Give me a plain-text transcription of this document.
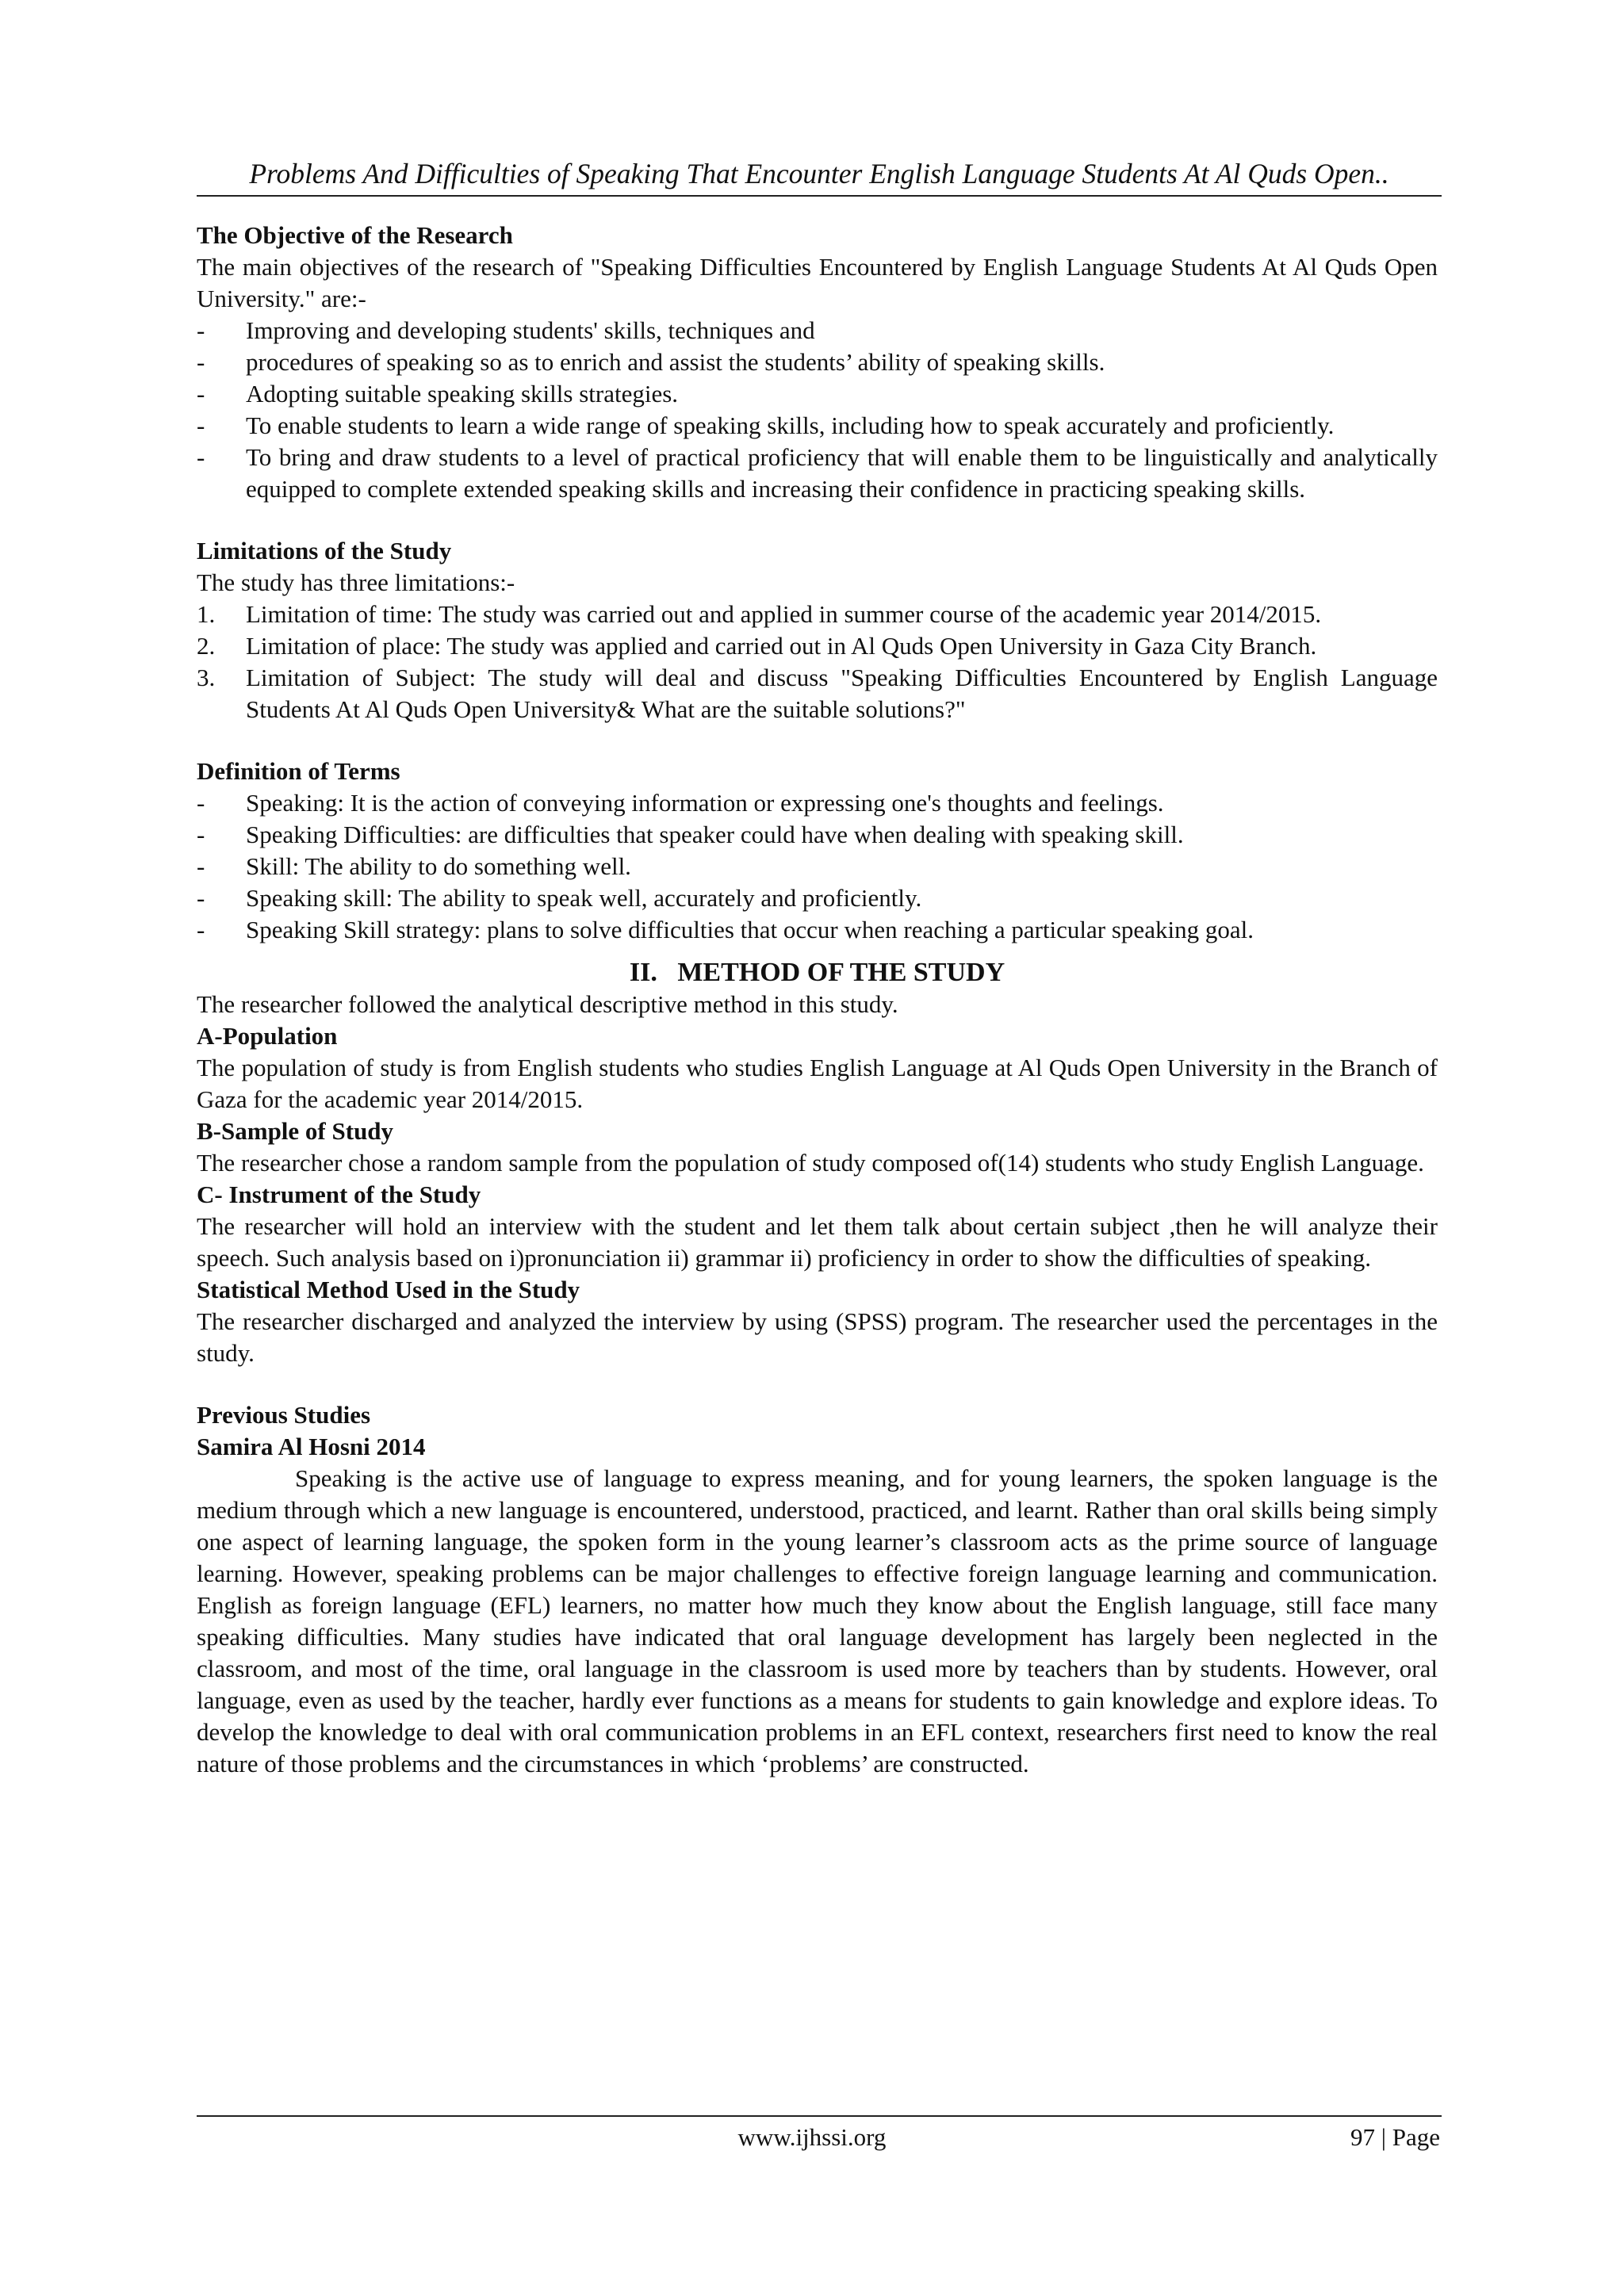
Problems And Difficulties of Speaking That Encounter English Language Students At Al Quds Open..

The Objective of the Research

The main objectives of the research of "Speaking Difficulties Encountered by English Language Students At Al Quds Open University." are:-

- Improving and developing students' skills, techniques and
- procedures of speaking so as to enrich and assist the students’ ability of speaking skills.
- Adopting suitable speaking skills strategies.
- To enable students to learn a wide range of speaking skills, including how to speak accurately and proficiently.
- To bring and draw students to a level of practical proficiency that will enable them to be linguistically and analytically equipped to complete extended speaking skills and increasing their confidence in practicing speaking skills.

Limitations of the Study

The study has three limitations:-

1. Limitation of time: The study was carried out and applied in summer course of the academic year 2014/2015.
2. Limitation of place: The study was applied and carried out in Al Quds Open University in Gaza City Branch.
3. Limitation of Subject: The study will deal and discuss "Speaking Difficulties Encountered by English Language Students At Al Quds Open University& What are the suitable solutions?"

Definition of Terms

- Speaking: It is the action of conveying information or expressing one's thoughts and feelings.
- Speaking Difficulties: are difficulties that speaker could have when dealing with speaking skill.
- Skill: The ability to do something well.
- Speaking skill: The ability to speak well, accurately and proficiently.
- Speaking Skill strategy: plans to solve difficulties that occur when reaching a particular speaking goal.

II.   METHOD OF THE STUDY

The researcher followed the analytical descriptive method in this study.

A-Population

The population of study is from English students who studies English Language at Al Quds Open University in the Branch of Gaza for the academic year 2014/2015.

B-Sample of Study

The researcher chose a random sample from the population of study composed of(14) students who study English Language.

C- Instrument of the Study

The researcher will hold an interview with the student and let them talk about certain subject ,then he will analyze their speech. Such analysis based on i)pronunciation ii) grammar ii) proficiency in order to show the difficulties of speaking.

Statistical Method Used in the Study

The researcher discharged and analyzed the interview by using (SPSS) program. The researcher used the percentages in the study.

Previous Studies

Samira Al Hosni 2014

Speaking is the active use of language to express meaning, and for young learners, the spoken language is the medium through which a new language is encountered, understood, practiced, and learnt. Rather than oral skills being simply one aspect of learning language, the spoken form in the young learner’s classroom acts as the prime source of language learning. However, speaking problems can be major challenges to effective foreign language learning and communication. English as foreign language (EFL) learners, no matter how much they know about the English language, still face many speaking difficulties. Many studies have indicated that oral language development has largely been neglected in the classroom, and most of the time, oral language in the classroom is used more by teachers than by students. However, oral language, even as used by the teacher, hardly ever functions as a means for students to gain knowledge and explore ideas. To develop the knowledge to deal with oral communication problems in an EFL context, researchers first need to know the real nature of those problems and the circumstances in which ‘problems’ are constructed.

www.ijhssi.org	97 | Page
